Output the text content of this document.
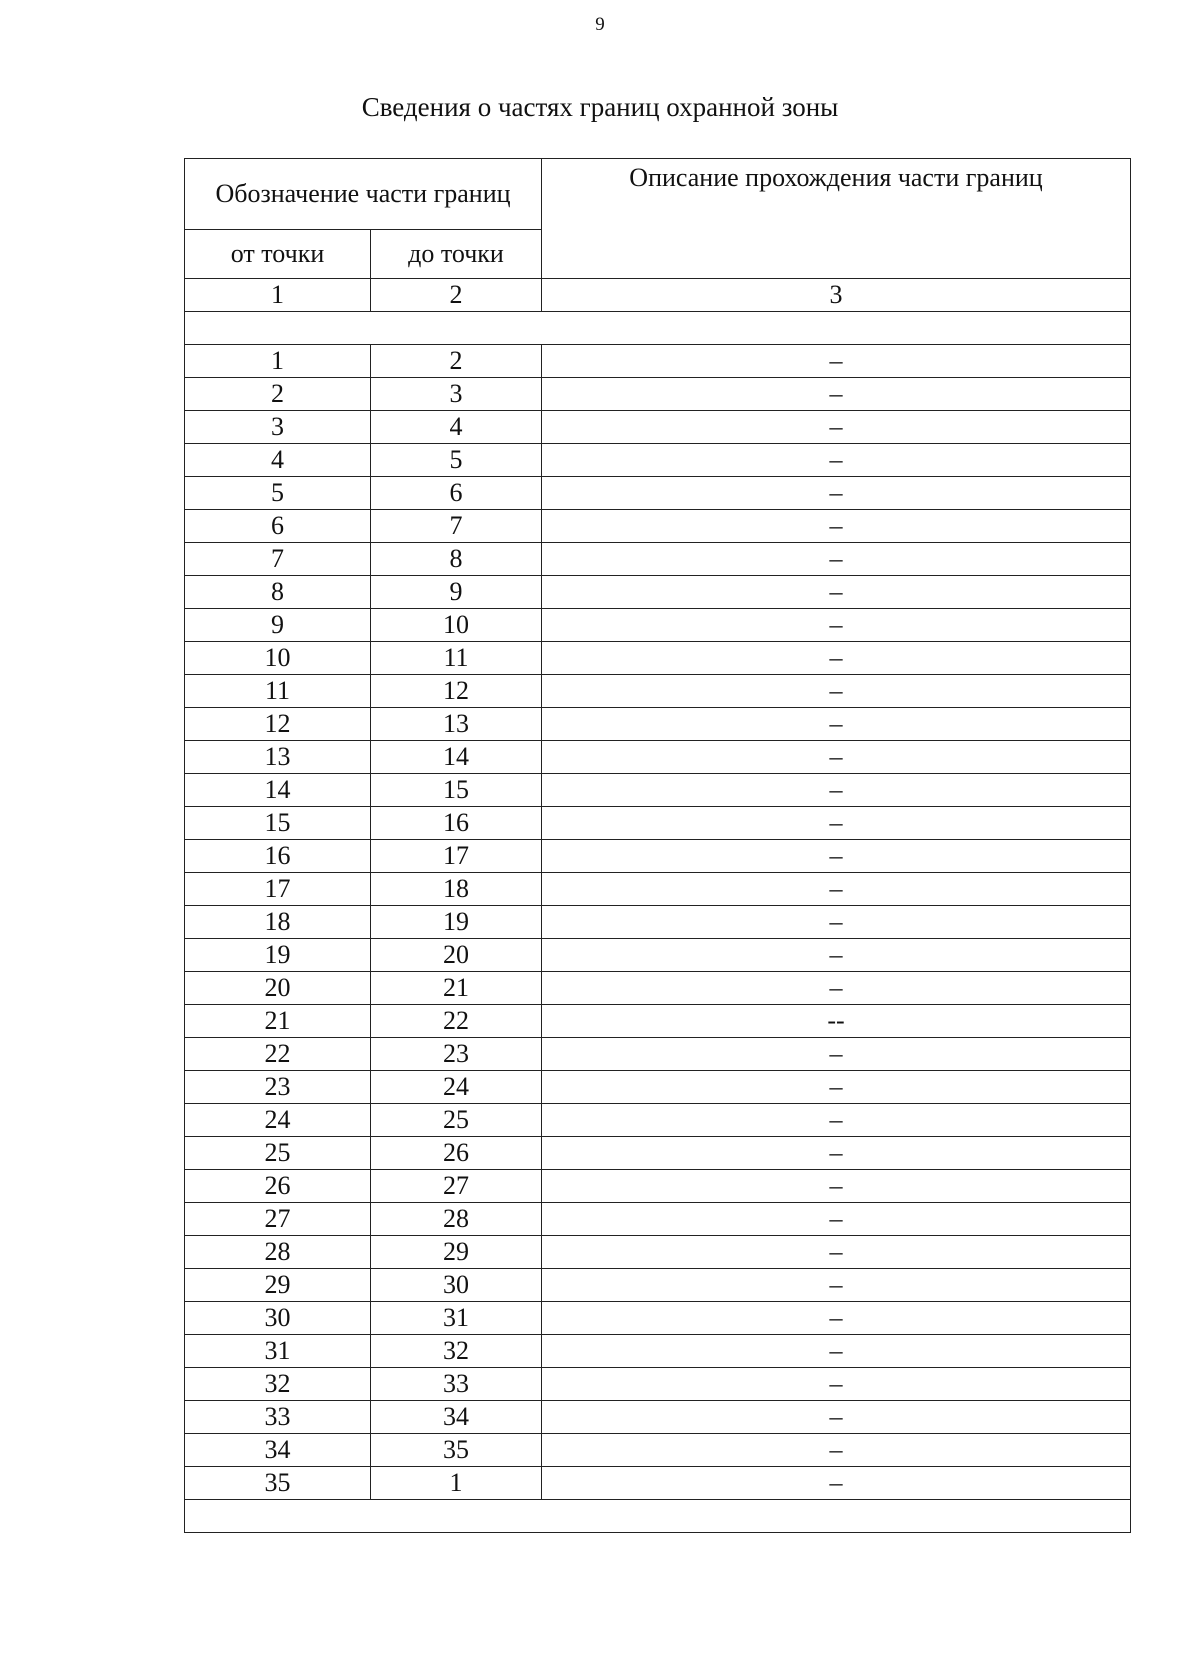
9
Сведения о частях границ охранной зоны
Обозначение части границ		Описание прохождения части границ
от точки	до точки	
1	2	3

1	2	–
2	3	–
3	4	–
4	5	–
5	6	–
6	7	–
7	8	–
8	9	–
9	10	–
10	11	–
11	12	–
12	13	–
13	14	–
14	15	–
15	16	–
16	17	–
17	18	–
18	19	–
19	20	–
20	21	–
21	22	--
22	23	–
23	24	–
24	25	–
25	26	–
26	27	–
27	28	–
28	29	–
29	30	–
30	31	–
31	32	–
32	33	–
33	34	–
34	35	–
35	1	–
